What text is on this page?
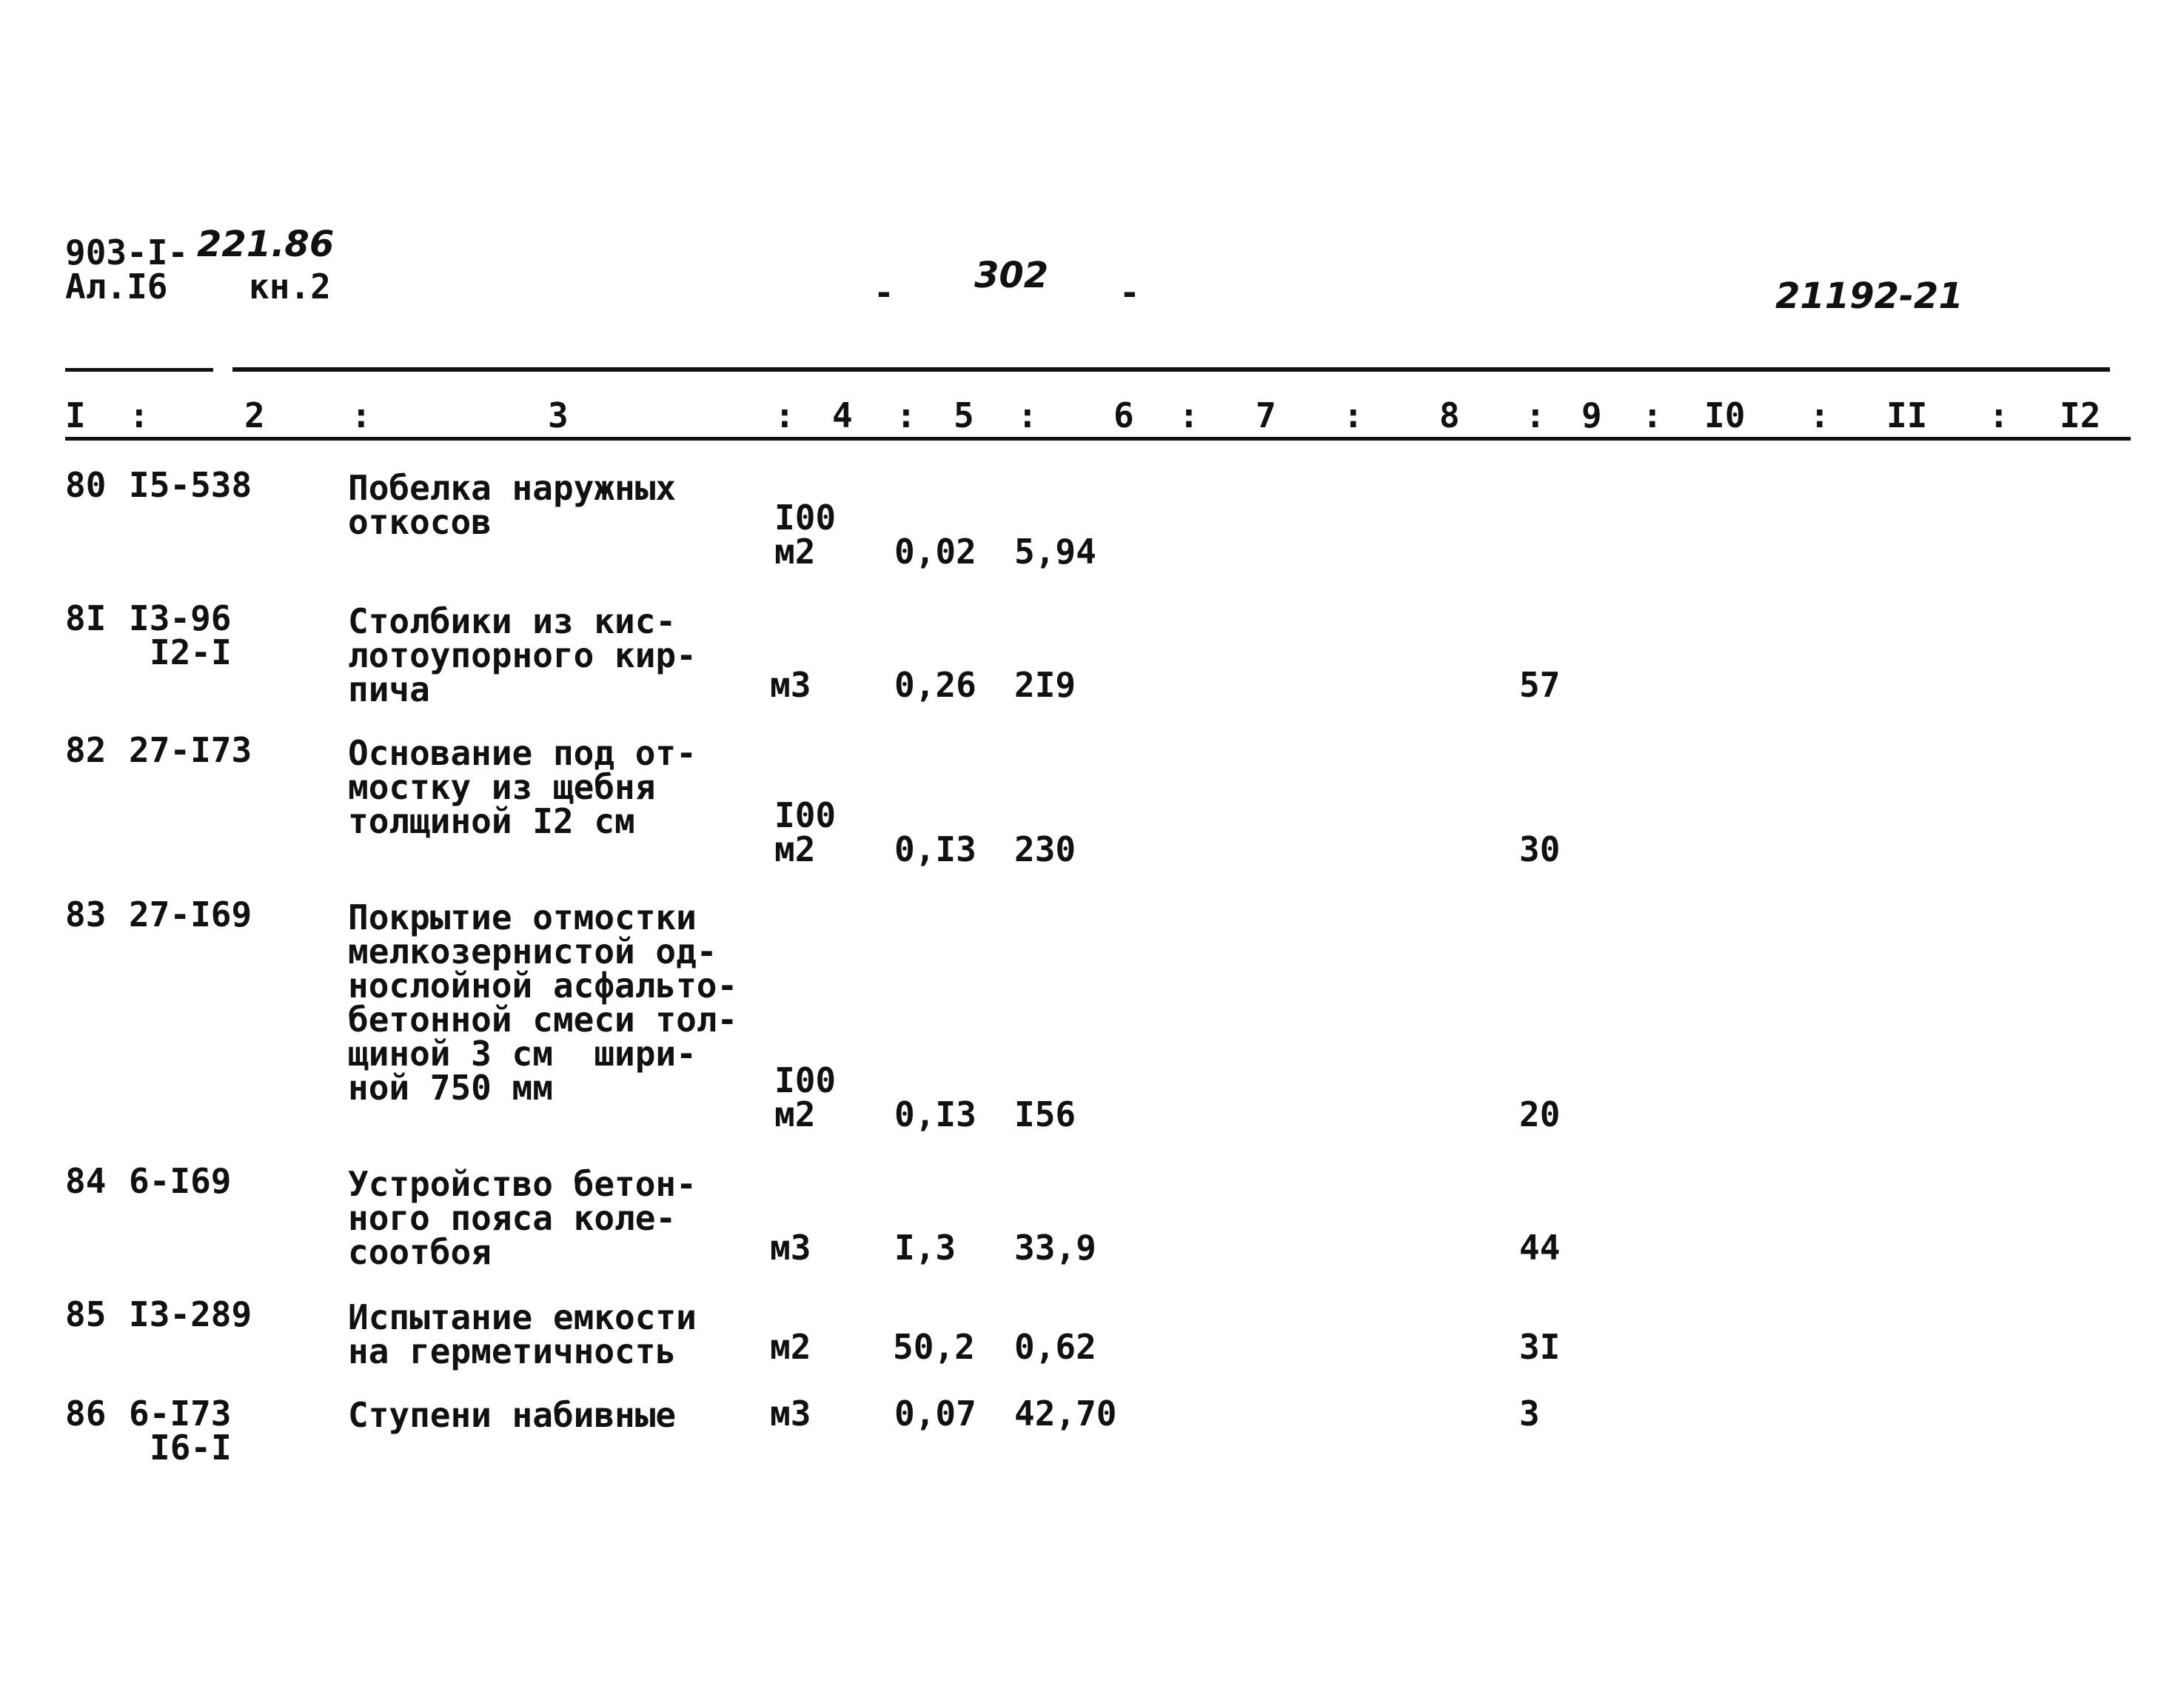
903-I- 221.86
Ал.I6 кн.2	- 302 -	21192-21
I :	2	:	3	: 4 : 5 : 6 : 7 : 8 : 9 : I0 : II : I2
80 I5-538	Побелка наружных
откосов	I00
м2	0,02 5,94
8I I3-96
I2-I
Столбики из кис-
лотоупорного кир-
пича	м3 0,26 2I9	57
82 27-I73	Основание под от-
мостку из щебня
толщиной I2 см	I00
м2	0,I3 230	30
83 27-I69	Покрытие отмостки
мелкозернистой од-
нослойной асфальто-
бетонной смеси тол-
щиной 3 см  шири-
ной 750 мм	I00
м2	0,I3 I56	20
84 6-I69	Устройство бетон-
ного пояса коле-
соотбоя	м3 I,3 33,9	44
85 I3-289	Испытание емкости
на герметичность	м2 50,2 0,62	3I
86 6-I73
I6-I
Ступени набивные	м3 0,07 42,70	3
